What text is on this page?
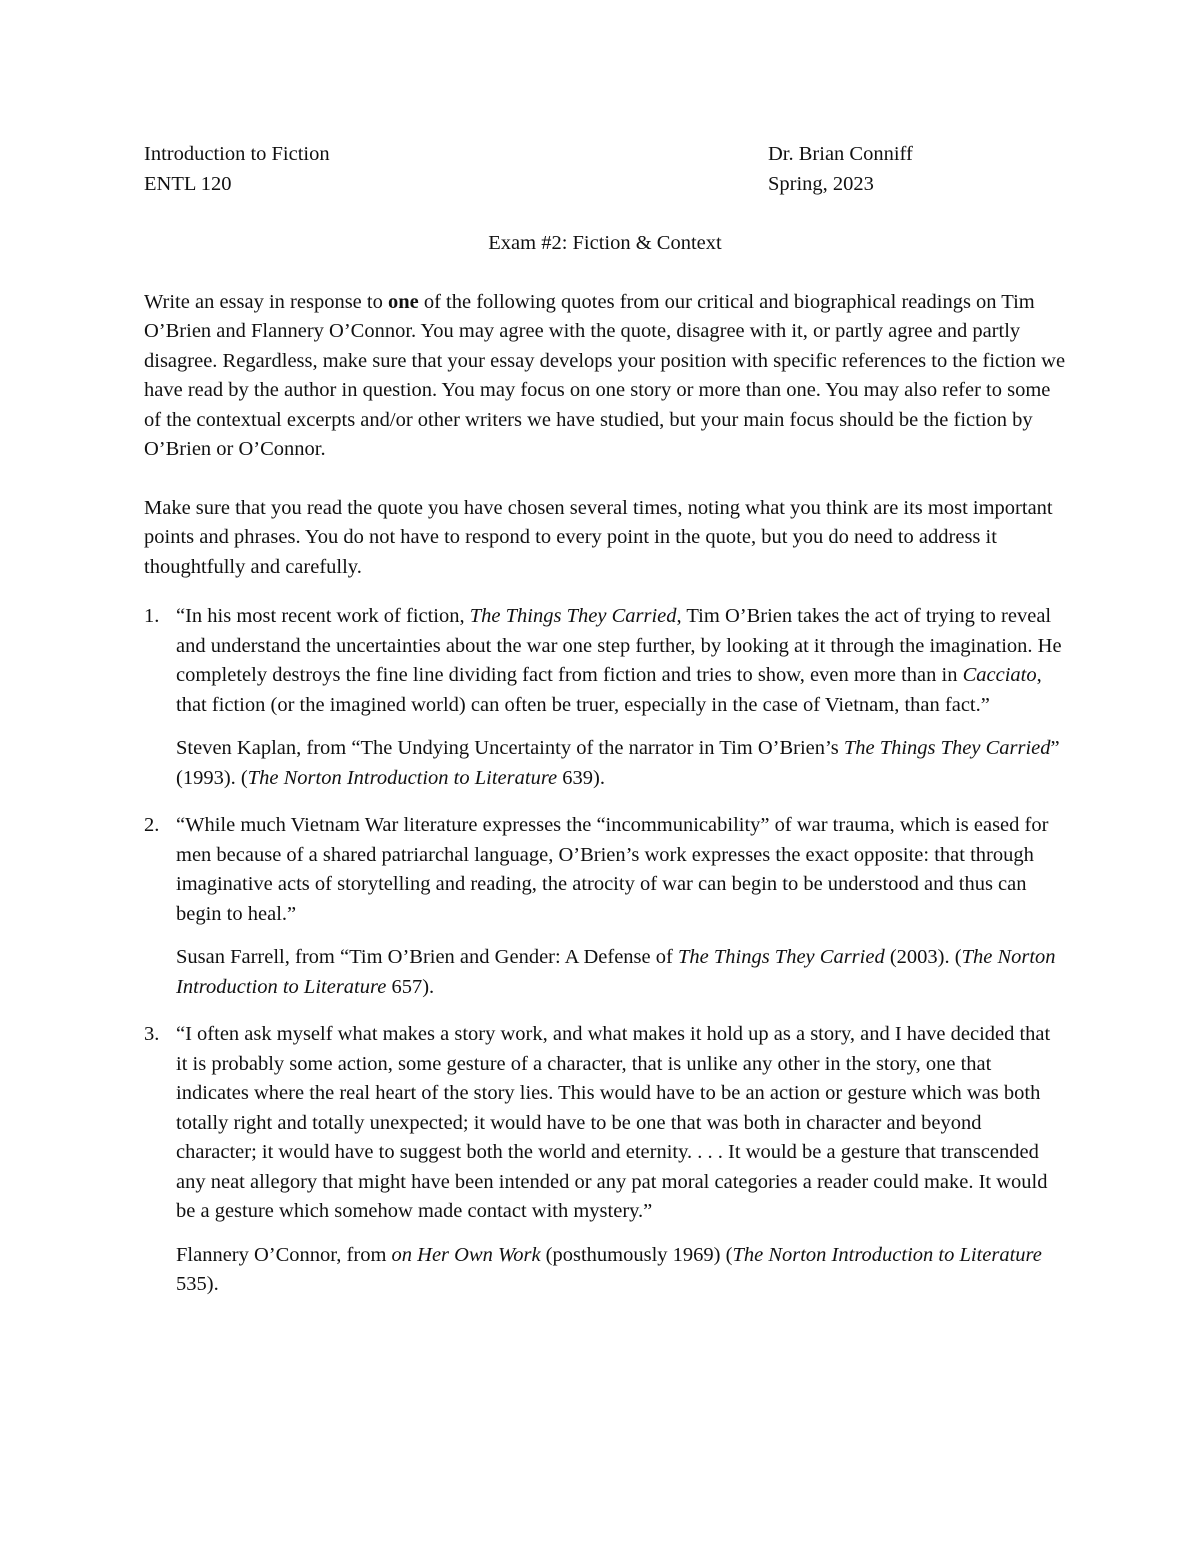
Introduction to Fiction
ENTL 120
Dr. Brian Conniff
Spring, 2023
Exam #2: Fiction & Context

Write an essay in response to one of the following quotes from our critical and biographical readings on Tim O’Brien and Flannery O’Connor. You may agree with the quote, disagree with it, or partly agree and partly disagree. Regardless, make sure that your essay develops your position with specific references to the fiction we have read by the author in question. You may focus on one story or more than one. You may also refer to some of the contextual excerpts and/or other writers we have studied, but your main focus should be the fiction by O’Brien or O’Connor.

Make sure that you read the quote you have chosen several times, noting what you think are its most important points and phrases. You do not have to respond to every point in the quote, but you do need to address it thoughtfully and carefully.

1. “In his most recent work of fiction, The Things They Carried, Tim O’Brien takes the act of trying to reveal and understand the uncertainties about the war one step further, by looking at it through the imagination. He completely destroys the fine line dividing fact from fiction and tries to show, even more than in Cacciato, that fiction (or the imagined world) can often be truer, especially in the case of Vietnam, than fact.”

Steven Kaplan, from “The Undying Uncertainty of the narrator in Tim O’Brien’s The Things They Carried” (1993). (The Norton Introduction to Literature 639).

2. “While much Vietnam War literature expresses the “incommunicability” of war trauma, which is eased for men because of a shared patriarchal language, O’Brien’s work expresses the exact opposite: that through imaginative acts of storytelling and reading, the atrocity of war can begin to be understood and thus can begin to heal.”

Susan Farrell, from “Tim O’Brien and Gender: A Defense of The Things They Carried (2003). (The Norton Introduction to Literature 657).

3. “I often ask myself what makes a story work, and what makes it hold up as a story, and I have decided that it is probably some action, some gesture of a character, that is unlike any other in the story, one that indicates where the real heart of the story lies. This would have to be an action or gesture which was both totally right and totally unexpected; it would have to be one that was both in character and beyond character; it would have to suggest both the world and eternity. . . . It would be a gesture that transcended any neat allegory that might have been intended or any pat moral categories a reader could make. It would be a gesture which somehow made contact with mystery.”

Flannery O’Connor, from on Her Own Work (posthumously 1969) (The Norton Introduction to Literature 535).
